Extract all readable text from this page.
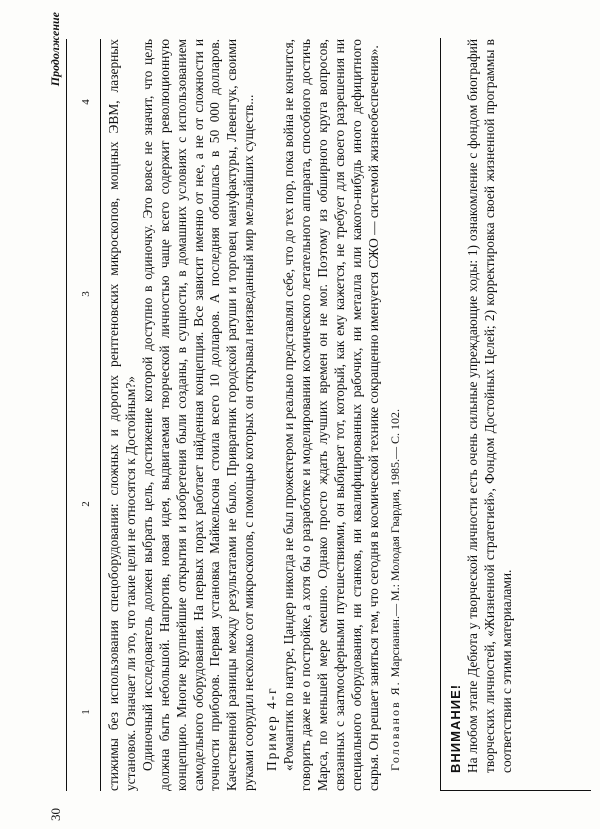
30
Продолжение
1
2
3
4 стижимы без использования спецоборудования: сложных и дорогих рентгеновских микроскопов, мощных ЭВМ, лазерных установок. Означает ли это, что такие цели не относятся к Достойным?» Одиночный исследователь должен выбрать цель, достижение которой доступно в одиночку. Это вовсе не значит, что цель должна быть небольшой. Напротив, новая идея, выдвигаемая творческой личностью чаще всего содержит революционную концепцию. Многие крупнейшие открытия и изобретения были созданы, в сущности, в домашних условиях с использованием самодельного оборудования. На первых порах работает найденная концепция. Все зависит именно от нее, а не от сложности и точности приборов. Первая установка Майкельсона стоила всего 10 долларов. А последняя обошлась в 50 000 долларов. Качественной разницы между результатами не было. Привратник городской ратуши и торговец мануфактуры, Левенгук, своими руками соорудил несколько сот микроскопов, с помощью которых он открывал неизведанный мир мельчайших существ... Пример 4-г «Романтик по натуре, Цандер никогда не был прожектером и реально представлял себе, что до тех пор, пока война не кончится, говорить даже не о постройке, а хотя бы о разработке и моделировании космического летательного аппарата, способного достичь Марса, по меньшей мере смешно. Однако просто ждать лучших времен он не мог. Поэтому из обширного круга вопросов, связанных с заатмосферными путешествиями, он выбирает тот, который, как ему кажется, не требует для своего разрешения ни специального оборудования, ни станков, ни квалифицированных рабочих, ни металла или какого-нибудь иного дефицитного сырья. Он решает заняться тем, что сегодня в космической технике сокращенно именуется СЖО — системой жизнеобеспечения». Голованов Я. Марсианин.— М.: Молодая Гвардия, 1985.— С. 102.

ВНИМАНИЕ! На любом этапе Дебюта у творческой личности есть очень сильные упреждающие ходы: 1) ознакомление с фондом биографий творческих личностей, «Жизненной стратегией», Фондом Достойных Целей; 2) корректировка своей жизненной программы в соответствии с этими материалами.
